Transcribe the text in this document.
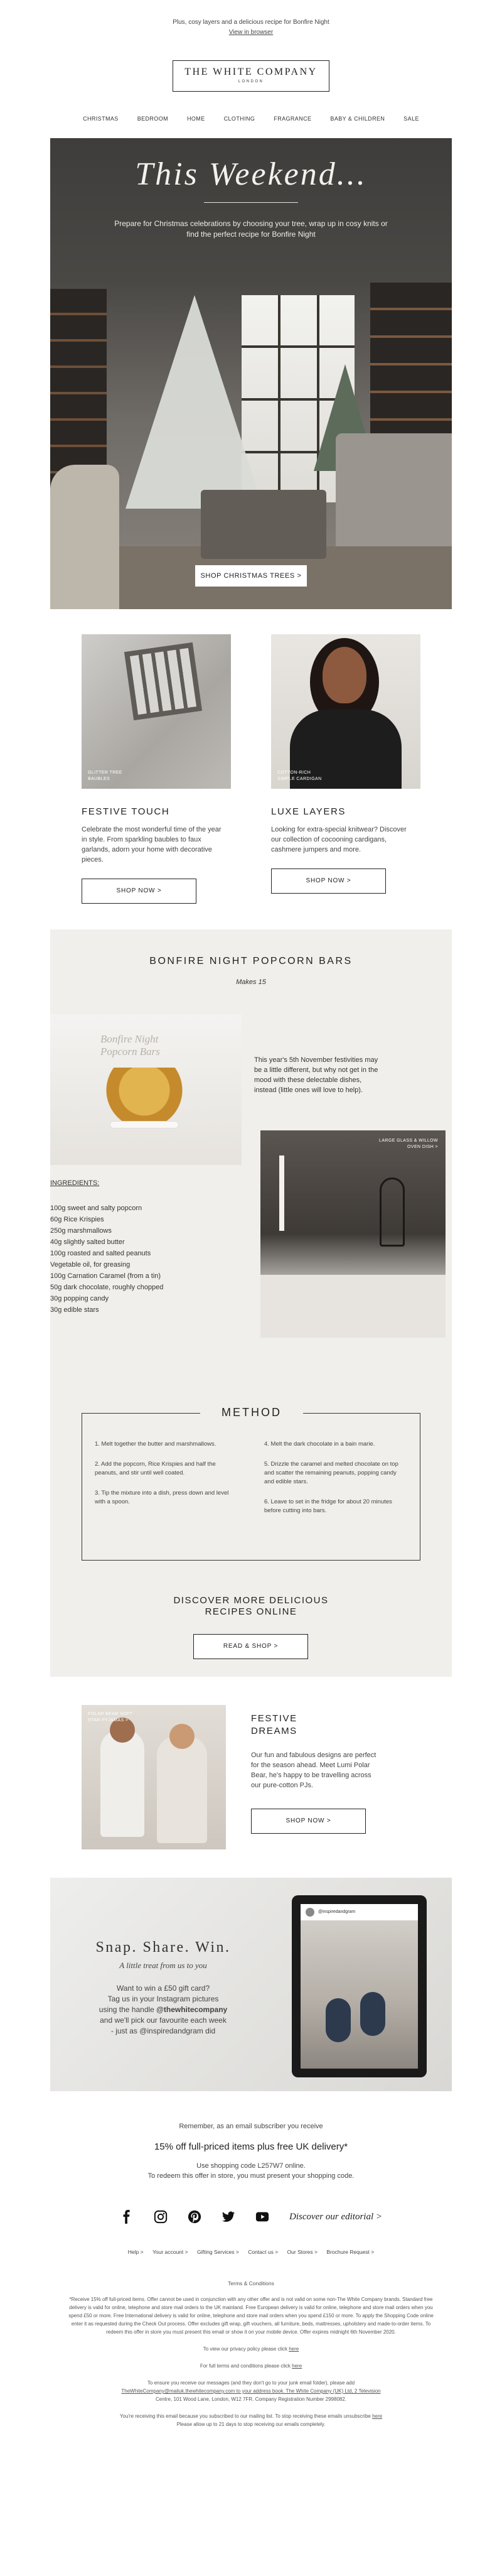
Plus, cosy layers and a delicious recipe for Bonfire Night
View in browser
THE WHITE COMPANY
LONDON
CHRISTMAS	BEDROOM	HOME	CLOTHING	FRAGRANCE	BABY & CHILDREN	SALE
This Weekend...
Prepare for Christmas celebrations by choosing your tree, wrap up in cosy knits or find the perfect recipe for Bonfire Night
SHOP CHRISTMAS TREES >
GLITTER TREE
BAUBLES
FESTIVE TOUCH

Celebrate the most wonderful time of the year in style. From sparkling baubles to faux garlands, adorn your home with decorative pieces.

SHOP NOW >
COTTON-RICH
SIMPLE CARDIGAN
LUXE LAYERS

Looking for extra-special knitwear? Discover our collection of cocooning cardigans, cashmere jumpers and more.

SHOP NOW >
BONFIRE NIGHT POPCORN BARS
Makes 15
Bonfire Night
Popcorn Bars
This year's 5th November festivities may be a little different, but why not get in the mood with these delectable dishes, instead (little ones will love to help).
LARGE GLASS & WILLOW
OVEN DISH >
INGREDIENTS:
100g sweet and salty popcorn
60g Rice Krispies
250g marshmallows
40g slightly salted butter
100g roasted and salted peanuts
Vegetable oil, for greasing
100g Carnation Caramel (from a tin)
50g dark chocolate, roughly chopped
30g popping candy
30g edible stars
METHOD

1. Melt together the butter and marshmallows.

2. Add the popcorn, Rice Krispies and half the peanuts, and stir until well coated.

3. Tip the mixture into a dish, press down and level with a spoon.

4. Melt the dark chocolate in a bain marie.

5. Drizzle the caramel and melted chocolate on top and scatter the remaining peanuts, popping candy and edible stars.

6. Leave to set in the fridge for about 20 minutes before cutting into bars.

DISCOVER MORE DELICIOUS
RECIPES ONLINE
READ & SHOP >
POLAR BEAR SOFT
STAR PYJAMAS >	FESTIVE
DREAMS

Our fun and fabulous designs are perfect for the season ahead. Meet Lumi Polar Bear, he's happy to be travelling across our pure-cotton PJs.

SHOP NOW >
Snap. Share. Win.
A little treat from us to you
Want to win a £50 gift card?
Tag us in your Instagram pictures
using the handle @thewhitecompany
and we'll pick our favourite each week
- just as @inspiredandgram did
@inspiredandgram
Remember, as an email subscriber you receive
15% off full-priced items plus free UK delivery*
Use shopping code L257W7 online.
To redeem this offer in store, you must present your shopping code.
Discover our editorial >
Help > Your account > Gifting Services > Contact us > Our Stores > Brochure Request >
Terms & Conditions
*Receive 15% off full-priced items. Offer cannot be used in conjunction with any other offer and is not valid on some non-The White Company brands. Standard free delivery is valid for online, telephone and store mail orders to the UK mainland. Free European delivery is valid for online, telephone and store mail orders when you spend £50 or more. Free International delivery is valid for online, telephone and store mail orders when you spend £150 or more. To apply the Shopping Code online enter it as requested during the Check Out process. Offer excludes gift wrap, gift vouchers, all furniture, beds, mattresses, upholstery and made-to-order items. To redeem this offer in store you must present this email or show it on your mobile device. Offer expires midnight 6th November 2020.
To view our privacy policy please click here
For full terms and conditions please click here
To ensure you receive our messages (and they don't go to your junk email folder), please add
TheWhiteCompany@mailuk.thewhitecompany.com to your address book. The White Company (UK) Ltd, 2 Television
Centre, 101 Wood Lane, London, W12 7FR. Company Registration Number 2998082.
You're receiving this email because you subscribed to our mailing list. To stop receiving these emails unsubscribe here
Please allow up to 21 days to stop receiving our emails completely.
